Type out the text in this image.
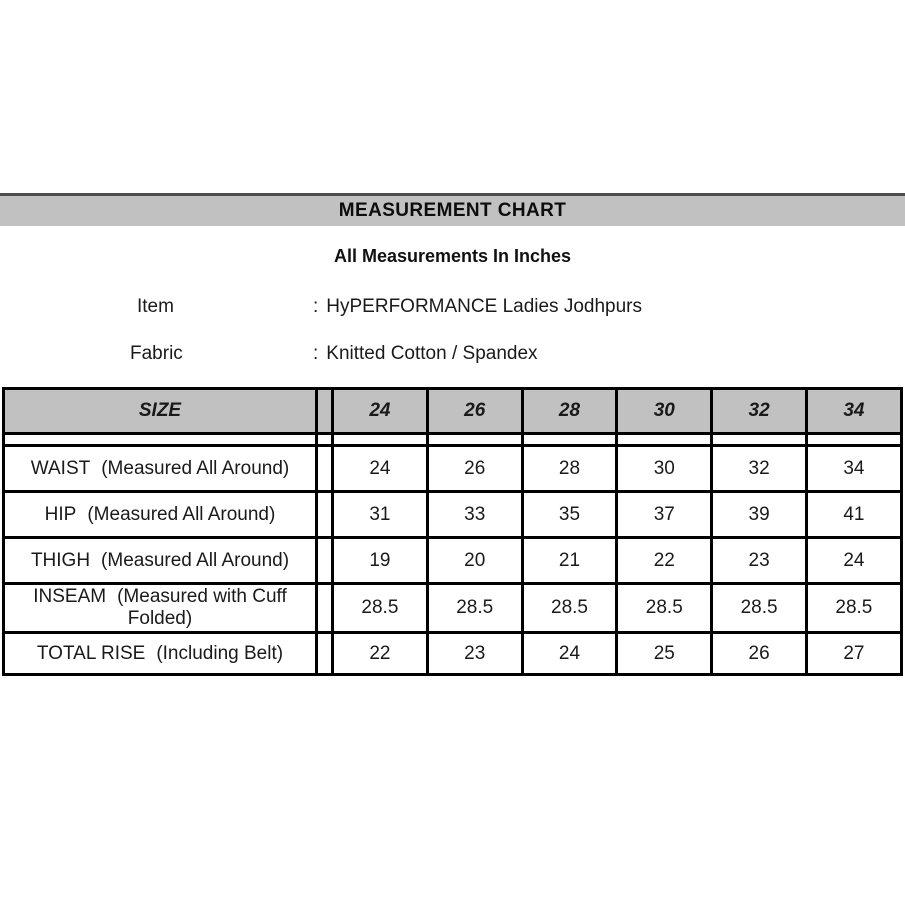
MEASUREMENT CHART
All Measurements In Inches
Item	: HyPERFORMANCE Ladies Jodhpurs
Fabric	: Knitted Cotton / Spandex
SIZE		24	26	28	30	32	34

WAIST (Measured All Around)		24	26	28	30	32	34
HIP (Measured All Around)		31	33	35	37	39	41
THIGH (Measured All Around)		19	20	21	22	23	24
INSEAM (Measured with Cuff Folded)		28.5	28.5	28.5	28.5	28.5	28.5
TOTAL RISE (Including Belt)		22	23	24	25	26	27
